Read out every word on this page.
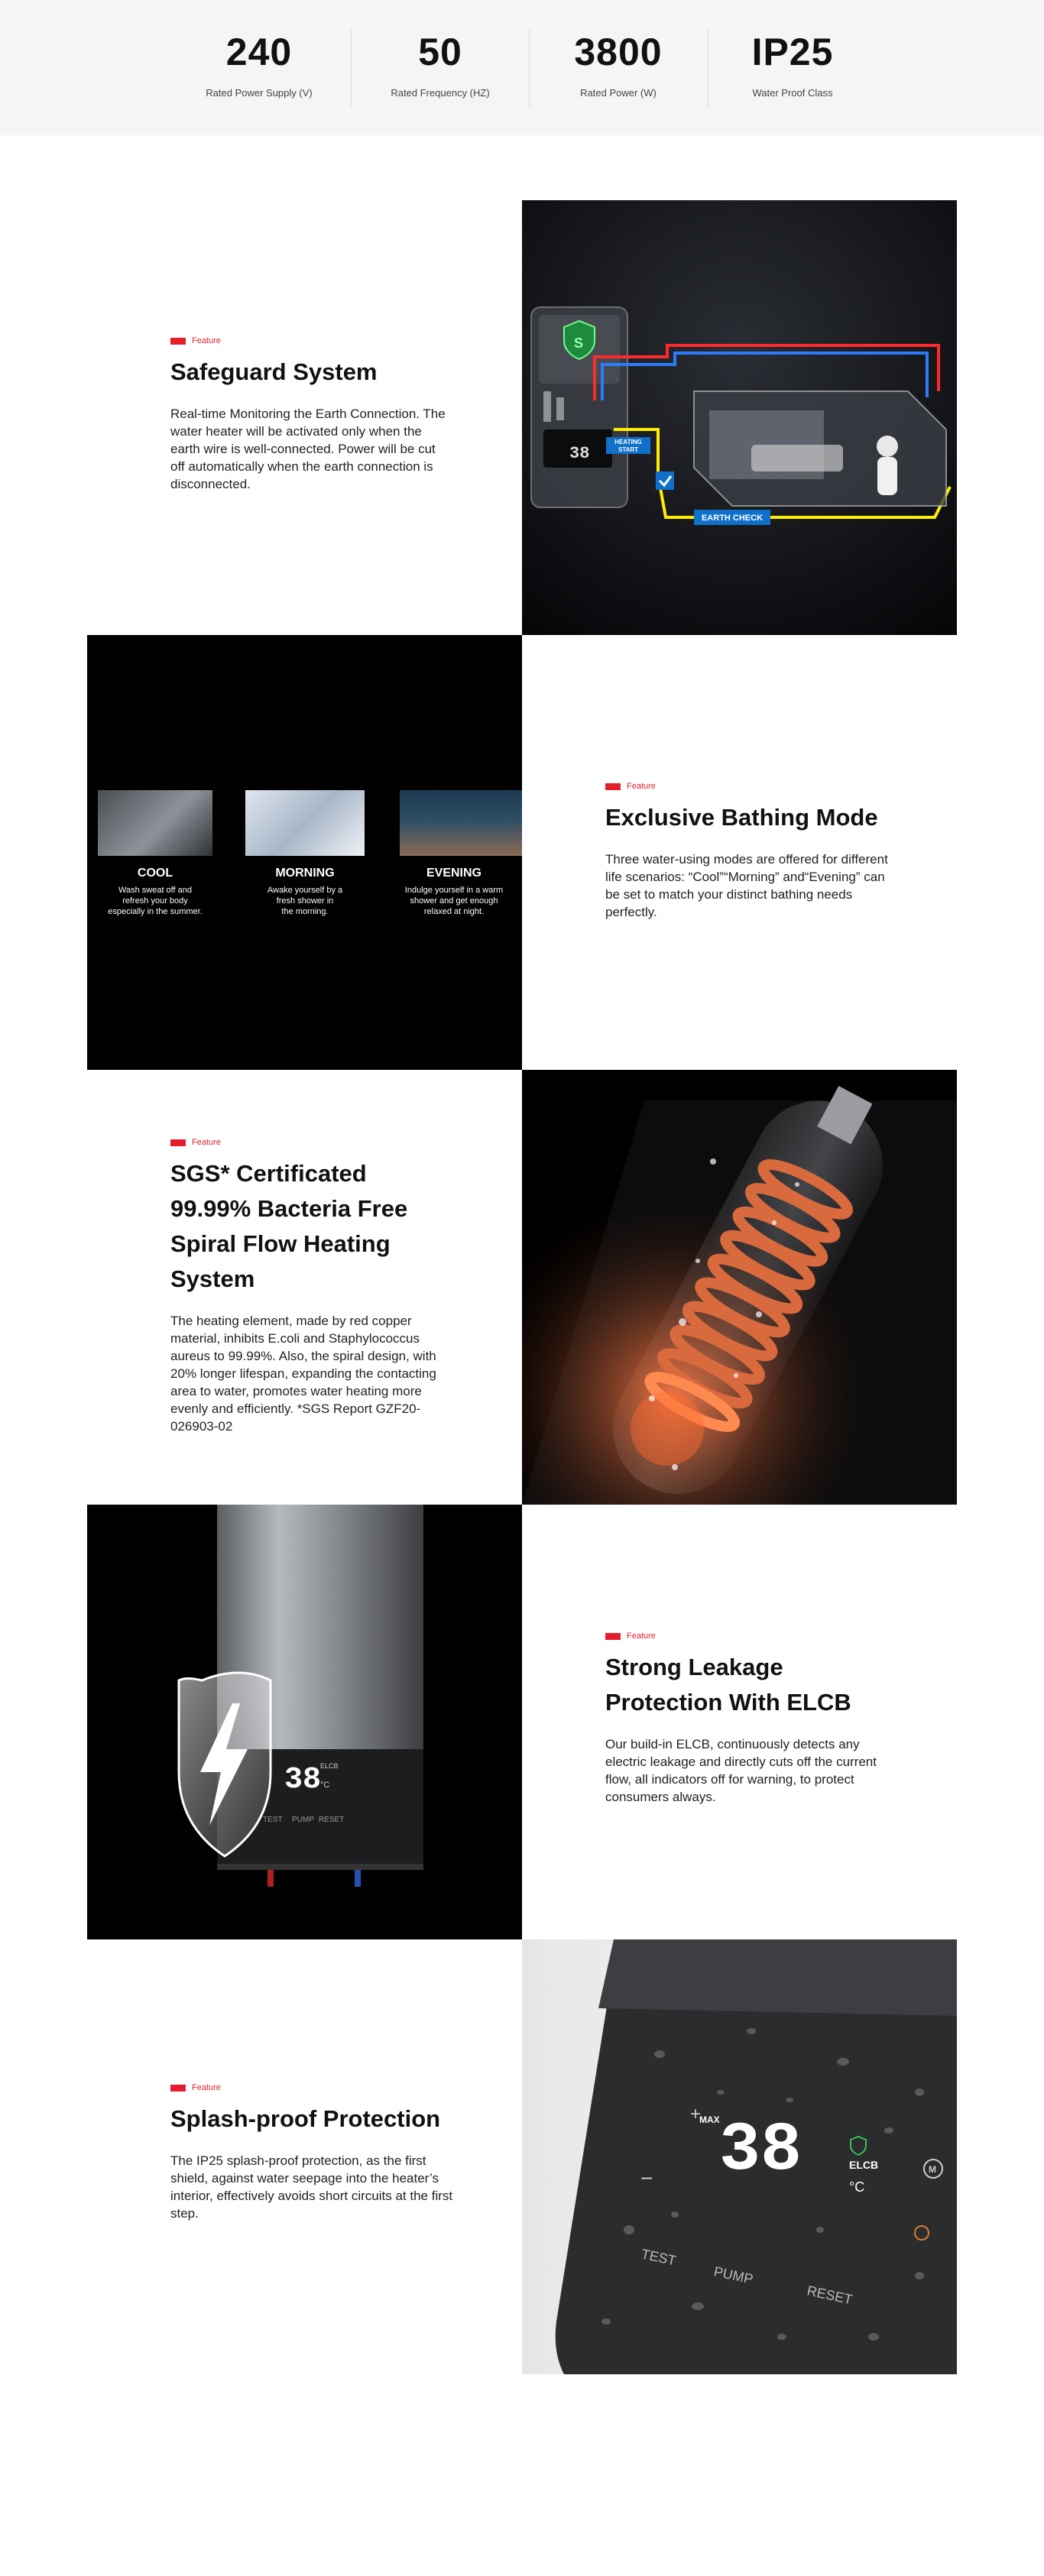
240
Rated Power Supply (V)
50
Rated Frequency (HZ)
3800
Rated Power (W)
IP25
Water Proof Class
Feature
Safeguard System
Real-time Monitoring the Earth Connection. The water heater will be activated only when the earth wire is well-connected. Power will be cut off automatically when the earth connection is disconnected.
S
38
HEATING
START
EARTH CHECK
COOL
Wash sweat off and
refresh your body
especially in the summer.
MORNING
Awake yourself by a
fresh shower in
the morning.
EVENING
Indulge yourself in a warm
shower and get enough
relaxed at night.
Feature
Exclusive Bathing Mode
Three water-using modes are offered for different life scenarios: “Cool”“Morning” and“Evening” can be set to match your distinct bathing needs perfectly.
Feature
SGS* Certificated 99.99% Bacteria Free Spiral Flow Heating System
The heating element, made by red copper material, inhibits E.coli and Staphylococcus aureus to 99.99%. Also, the spiral design, with 20% longer lifespan, expanding the contacting area to water, promotes water heating more evenly and efficiently. *SGS Report GZF20-026903-02
38
ELCB
°C
TEST PUMP RESET
Feature
Strong Leakage Protection With ELCB
Our build-in ELCB, continuously detects any electric leakage and directly cuts off the current flow, all indicators off for warning, to protect consumers always.
Feature
Splash-proof Protection
The IP25 splash-proof protection, as the first shield, against water seepage into the heater’s interior, effectively avoids short circuits at the first step.
MAX 38	ELCB
°C
+
−	M
TEST
PUMP
RESET
